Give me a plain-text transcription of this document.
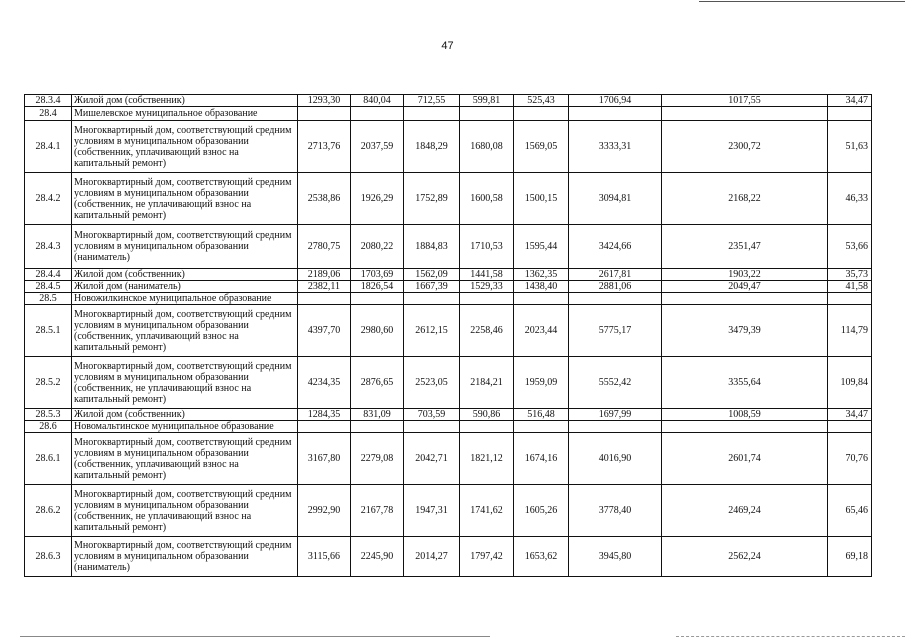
47
28.3.4	Жилой дом (собственник)	1293,30	840,04	712,55	599,81	525,43	1706,94	1017,55	34,47
28.4	Мишелевское муниципальное образование								
28.4.1	Многоквартирный дом, соответствующий средним условиям в муниципальном образовании (собственник, уплачивающий взнос на капитальный ремонт)	2713,76	2037,59	1848,29	1680,08	1569,05	3333,31	2300,72	51,63
28.4.2	Многоквартирный дом, соответствующий средним условиям в муниципальном образовании (собственник, не уплачивающий взнос на капитальный ремонт)	2538,86	1926,29	1752,89	1600,58	1500,15	3094,81	2168,22	46,33
28.4.3	Многоквартирный дом, соответствующий средним условиям в муниципальном образовании (наниматель)	2780,75	2080,22	1884,83	1710,53	1595,44	3424,66	2351,47	53,66
28.4.4	Жилой дом (собственник)	2189,06	1703,69	1562,09	1441,58	1362,35	2617,81	1903,22	35,73
28.4.5	Жилой дом (наниматель)	2382,11	1826,54	1667,39	1529,33	1438,40	2881,06	2049,47	41,58
28.5	Новожилкинское муниципальное образование								
28.5.1	Многоквартирный дом, соответствующий средним условиям в муниципальном образовании (собственник, уплачивающий взнос на капитальный ремонт)	4397,70	2980,60	2612,15	2258,46	2023,44	5775,17	3479,39	114,79
28.5.2	Многоквартирный дом, соответствующий средним условиям в муниципальном образовании (собственник, не уплачивающий взнос на капитальный ремонт)	4234,35	2876,65	2523,05	2184,21	1959,09	5552,42	3355,64	109,84
28.5.3	Жилой дом (собственник)	1284,35	831,09	703,59	590,86	516,48	1697,99	1008,59	34,47
28.6	Новомальтинское муниципальное образование								
28.6.1	Многоквартирный дом, соответствующий средним условиям в муниципальном образовании (собственник, уплачивающий взнос на капитальный ремонт)	3167,80	2279,08	2042,71	1821,12	1674,16	4016,90	2601,74	70,76
28.6.2	Многоквартирный дом, соответствующий средним условиям в муниципальном образовании (собственник, не уплачивающий взнос на капитальный ремонт)	2992,90	2167,78	1947,31	1741,62	1605,26	3778,40	2469,24	65,46
28.6.3	Многоквартирный дом, соответствующий средним условиям в муниципальном образовании (наниматель)	3115,66	2245,90	2014,27	1797,42	1653,62	3945,80	2562,24	69,18
